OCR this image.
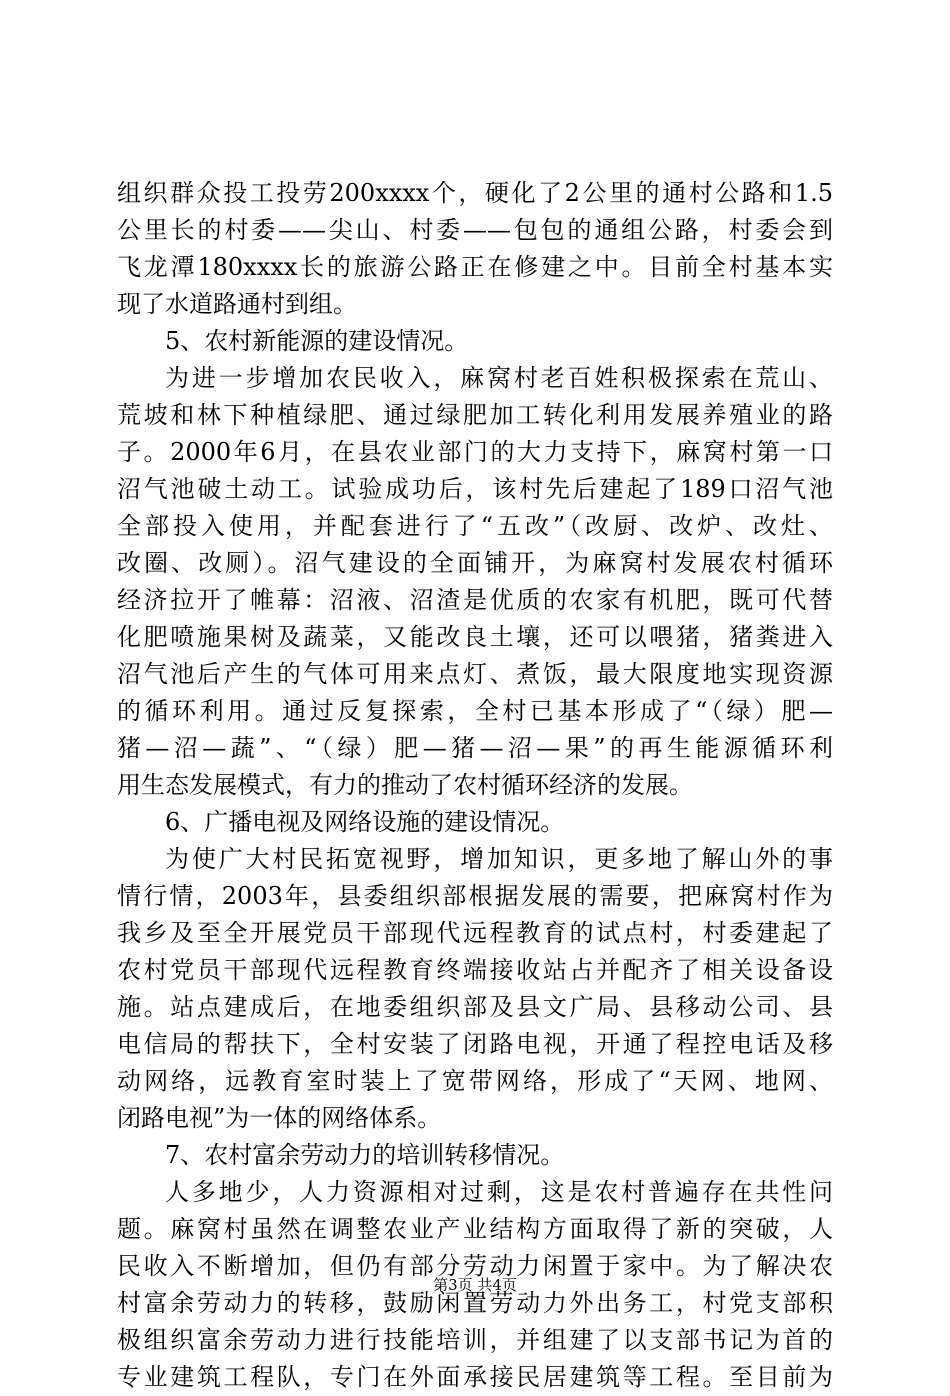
组织群众投工投劳200xxxx个，硬化了2公里的通村公路和1.5
公里长的村委——尖山、村委——包包的通组公路，村委会到
飞龙潭180xxxx长的旅游公路正在修建之中。目前全村基本实
现了水道路通村到组。
5、农村新能源的建设情况。
为进一步增加农民收入，麻窝村老百姓积极探索在荒山、
荒坡和林下种植绿肥、通过绿肥加工转化利用发展养殖业的路
子。2000年6月，在县农业部门的大力支持下，麻窝村第一口
沼气池破土动工。试验成功后，该村先后建起了189口沼气池
全部投入使用，并配套进行了“五改”（改厨、改炉、改灶、
改圈、改厕）。沼气建设的全面铺开，为麻窝村发展农村循环
经济拉开了帷幕：沼液、沼渣是优质的农家有机肥，既可代替
化肥喷施果树及蔬菜，又能改良土壤，还可以喂猪，猪粪进入
沼气池后产生的气体可用来点灯、煮饭，最大限度地实现资源
的循环利用。通过反复探索，全村已基本形成了“（绿）肥—
猪—沼—蔬”、“（绿）肥—猪—沼—果”的再生能源循环利
用生态发展模式，有力的推动了农村循环经济的发展。
6、广播电视及网络设施的建设情况。
为使广大村民拓宽视野，增加知识，更多地了解山外的事
情行情，2003年，县委组织部根据发展的需要，把麻窝村作为
我乡及至全开展党员干部现代远程教育的试点村，村委建起了
农村党员干部现代远程教育终端接收站占并配齐了相关设备设
施。站点建成后，在地委组织部及县文广局、县移动公司、县
电信局的帮扶下，全村安装了闭路电视，开通了程控电话及移
动网络，远教育室时装上了宽带网络，形成了“天网、地网、
闭路电视”为一体的网络体系。
7、农村富余劳动力的培训转移情况。
人多地少，人力资源相对过剩，这是农村普遍存在共性问
题。麻窝村虽然在调整农业产业结构方面取得了新的突破，人
民收入不断增加，但仍有部分劳动力闲置于家中。为了解决农
村富余劳动力的转移，鼓励闲置劳动力外出务工，村党支部积
极组织富余劳动力进行技能培训，并组建了以支部书记为首的
专业建筑工程队，专门在外面承接民居建筑等工程。至目前为
第3页 共4页
